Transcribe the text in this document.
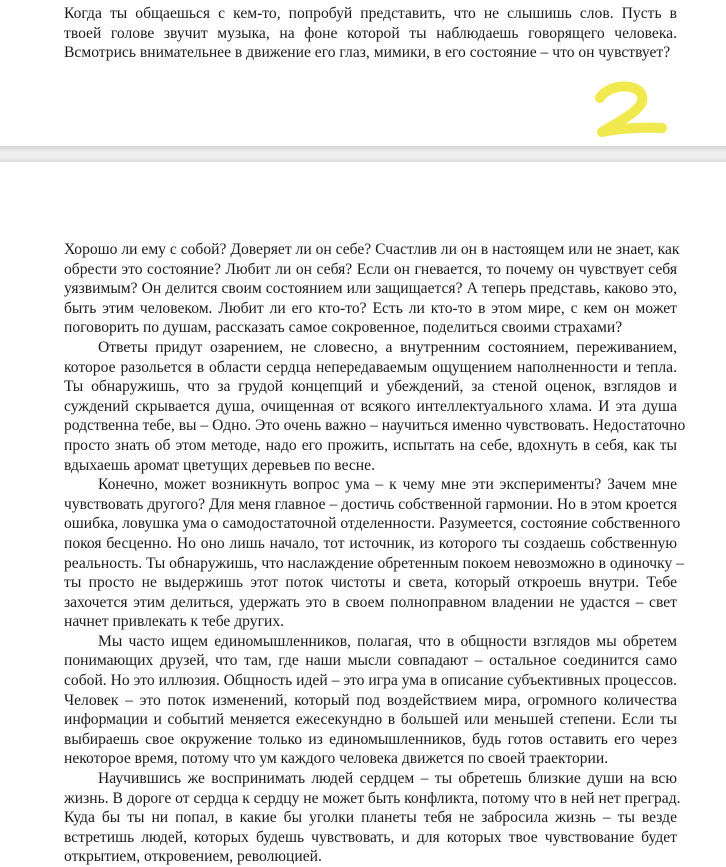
Когда ты общаешься с кем-то, попробуй представить, что не слышишь слов. Пусть в
твоей голове звучит музыка, на фоне которой ты наблюдаешь говорящего человека.
Всмотрись внимательнее в движение его глаз, мимики, в его состояние – что он чувствует?
Хорошо ли ему с собой? Доверяет ли он себе? Счастлив ли он в настоящем или не знает, как
обрести это состояние? Любит ли он себя? Если он гневается, то почему он чувствует себя
уязвимым? Он делится своим состоянием или защищается? А теперь представь, каково это,
быть этим человеком. Любит ли его кто-то? Есть ли кто-то в этом мире, с кем он может
поговорить по душам, рассказать самое сокровенное, поделиться своими страхами?
Ответы придут озарением, не словесно, а внутренним состоянием, переживанием,
которое разольется в области сердца непередаваемым ощущением наполненности и тепла.
Ты обнаружишь, что за грудой концепций и убеждений, за стеной оценок, взглядов и
суждений скрывается душа, очищенная от всякого интеллектуального хлама. И эта душа
родственна тебе, вы – Одно. Это очень важно – научиться именно чувствовать. Недостаточно
просто знать об этом методе, надо его прожить, испытать на себе, вдохнуть в себя, как ты
вдыхаешь аромат цветущих деревьев по весне.
Конечно, может возникнуть вопрос ума – к чему мне эти эксперименты? Зачем мне
чувствовать другого? Для меня главное – достичь собственной гармонии. Но в этом кроется
ошибка, ловушка ума о самодостаточной отделенности. Разумеется, состояние собственного
покоя бесценно. Но оно лишь начало, тот источник, из которого ты создаешь собственную
реальность. Ты обнаружишь, что наслаждение обретенным покоем невозможно в одиночку –
ты просто не выдержишь этот поток чистоты и света, который откроешь внутри. Тебе
захочется этим делиться, удержать это в своем полноправном владении не удастся – свет
начнет привлекать к тебе других.
Мы часто ищем единомышленников, полагая, что в общности взглядов мы обретем
понимающих друзей, что там, где наши мысли совпадают – остальное соединится само
собой. Но это иллюзия. Общность идей – это игра ума в описание субъективных процессов.
Человек – это поток изменений, который под воздействием мира, огромного количества
информации и событий меняется ежесекундно в большей или меньшей степени. Если ты
выбираешь свое окружение только из единомышленников, будь готов оставить его через
некоторое время, потому что ум каждого человека движется по своей траектории.
Научившись же воспринимать людей сердцем – ты обретешь близкие души на всю
жизнь. В дороге от сердца к сердцу не может быть конфликта, потому что в ней нет преград.
Куда бы ты ни попал, в какие бы уголки планеты тебя не забросила жизнь – ты везде
встретишь людей, которых будешь чувствовать, и для которых твое чувствование будет
открытием, откровением, революцией.
